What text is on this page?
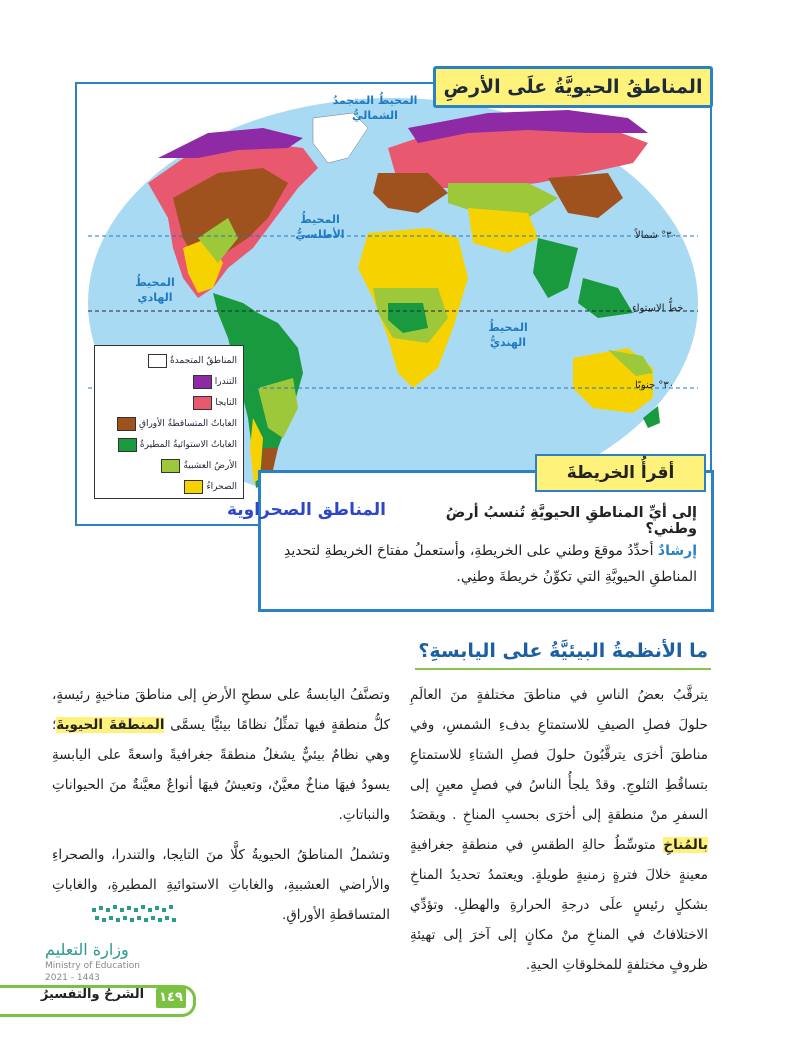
المناطقُ الحيويَّةُ علَى الأرضِ
المحيطُ المتجمدُ الشماليُّ
المحيطُ
الأطلسيُّ
المحيطُ
الهادي
المحيطُ
الهنديُّ
٣٠° شمالاً
خطُّ الاستواءِ
٣٠° جنوبًا
المناطقُ المتجمدةُ
التندرا
التايجا
الغاباتُ المتساقطةُ الأوراقِ
الغاباتُ الاستوائيةُ المطيرةُ
الأرضُ العشبيةُ
الصحراءُ
أقرأُ الخريطةَ
إلى أيِّ المناطقِ الحيويَّةِ تُنسبُ أرضُ وطني؟
المناطق الصحراوية
إرشادٌ أحدِّدُ موقعَ وطني على الخريطةِ، وأستعملُ مفتاحَ الخريطةِ لتحديدِ المناطقِ الحيويَّةِ التي تكوِّنُ خريطةَ وطنِي.
ما الأنظمةُ البيئيَّةُ على اليابسةِ؟
يترقَّبُ بعضُ الناسِ في مناطقَ مختلفةٍ منَ العالَمِ حلولَ فصلِ الصيفِ للاستمتاعِ بدفءِ الشمسِ، وفي مناطقَ أخرَى يترقَّبُونَ حلولَ فصلِ الشتاءِ للاستمتاعِ بتساقُطِ الثلوجِ. وقدْ يلجأُ الناسُ في فصلٍ معينٍ إلى السفرِ منْ منطقةٍ إلى أخرَى بحسبِ المناخِ . ويقصَدُ بالمُناخِ متوسِّطُ حالةِ الطقسِ في منطقةٍ جغرافيةٍ معينةٍ خلالَ فترةٍ زمنيةٍ طويلةٍ. ويعتمدُ تحديدُ المناخِ بشكلٍ رئيسٍ علَى درجةِ الحرارةِ والهطلِ. وتؤدِّي الاختلافاتُ في المناخِ منْ مكانٍ إلى آخرَ إلى تهيئةِ ظروفٍ مختلفةٍ للمخلوقاتِ الحيةِ.
وتصنَّفُ اليابسةُ على سطحِ الأرضِ إلى مناطقَ مناخيةٍ رئيسةٍ، كلُّ منطقةٍ فيها تمثِّلُ نظامًا بيئيًّا يسمَّى المنطقةَ الحيويةَ؛ وهي نظامٌ بيئيٌّ يشغلُ منطقةً جغرافيةً واسعةً على اليابسةِ يسودُ فيهَا مناخٌ معيَّنٌ، وتعيشُ فيهَا أنواعٌ معيَّنةٌ منَ الحيواناتِ والنباتاتِ.
وتشملُ المناطقُ الحيويةُ كلًّا منَ التايجا، والتندرا، والصحراءِ والأراضي العشبيةِ، والغاباتِ الاستوائيةِ المطيرةِ، والغاباتِ المتساقطةِ الأوراقِ.
وزارة التعليم
Ministry of Education
2021 - 1443
١٤٩
الشرحُ والتفسيرُ
